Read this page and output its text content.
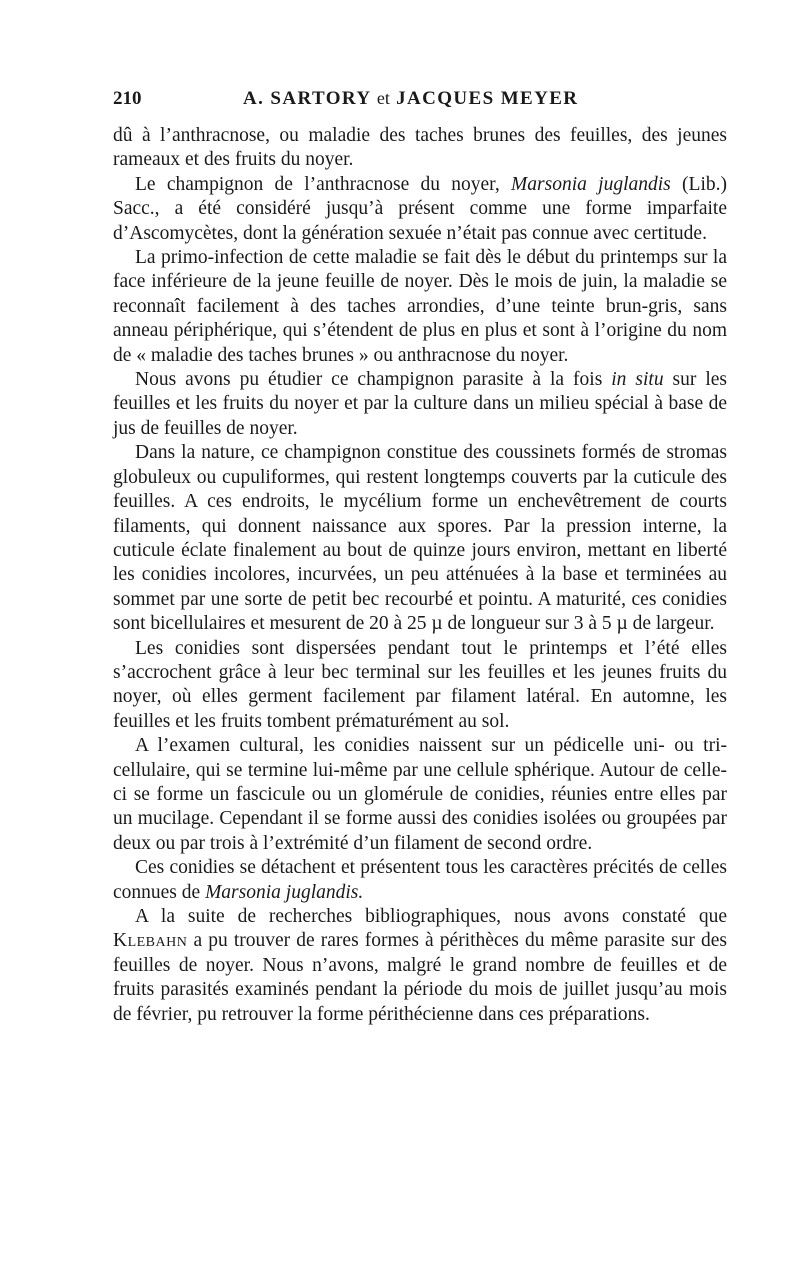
210	A. SARTORY et JACQUES MEYER

dû à l’anthracnose, ou maladie des taches brunes des feuilles, des jeunes rameaux et des fruits du noyer.

Le champignon de l’anthracnose du noyer, Marsonia juglandis (Lib.) Sacc., a été considéré jusqu’à présent comme une forme imparfaite d’Ascomycètes, dont la génération sexuée n’était pas connue avec certitude.

La primo-infection de cette maladie se fait dès le début du printemps sur la face inférieure de la jeune feuille de noyer. Dès le mois de juin, la maladie se reconnaît facilement à des taches arrondies, d’une teinte brun-gris, sans anneau périphérique, qui s’étendent de plus en plus et sont à l’origine du nom de « maladie des taches brunes » ou anthracnose du noyer.

Nous avons pu étudier ce champignon parasite à la fois in situ sur les feuilles et les fruits du noyer et par la culture dans un milieu spécial à base de jus de feuilles de noyer.

Dans la nature, ce champignon constitue des coussinets formés de stromas globuleux ou cupuliformes, qui restent longtemps couverts par la cuticule des feuilles. A ces endroits, le mycélium forme un enchevêtrement de courts filaments, qui donnent naissance aux spores. Par la pression interne, la cuticule éclate finalement au bout de quinze jours environ, mettant en liberté les conidies incolores, incurvées, un peu atténuées à la base et terminées au sommet par une sorte de petit bec recourbé et pointu. A maturité, ces conidies sont bicellulaires et mesurent de 20 à 25 µ de longueur sur 3 à 5 µ de largeur.

Les conidies sont dispersées pendant tout le printemps et l’été elles s’accrochent grâce à leur bec terminal sur les feuilles et les jeunes fruits du noyer, où elles germent facilement par filament latéral. En automne, les feuilles et les fruits tombent prématurément au sol.

A l’examen cultural, les conidies naissent sur un pédicelle uni- ou tri-cellulaire, qui se termine lui-même par une cellule sphérique. Autour de celle-ci se forme un fascicule ou un glomérule de conidies, réunies entre elles par un mucilage. Cependant il se forme aussi des conidies isolées ou groupées par deux ou par trois à l’extrémité d’un filament de second ordre.

Ces conidies se détachent et présentent tous les caractères précités de celles connues de Marsonia juglandis.

A la suite de recherches bibliographiques, nous avons constaté que Klebahn a pu trouver de rares formes à périthèces du même parasite sur des feuilles de noyer. Nous n’avons, malgré le grand nombre de feuilles et de fruits parasités examinés pendant la période du mois de juillet jusqu’au mois de février, pu retrouver la forme périthécienne dans ces préparations.
